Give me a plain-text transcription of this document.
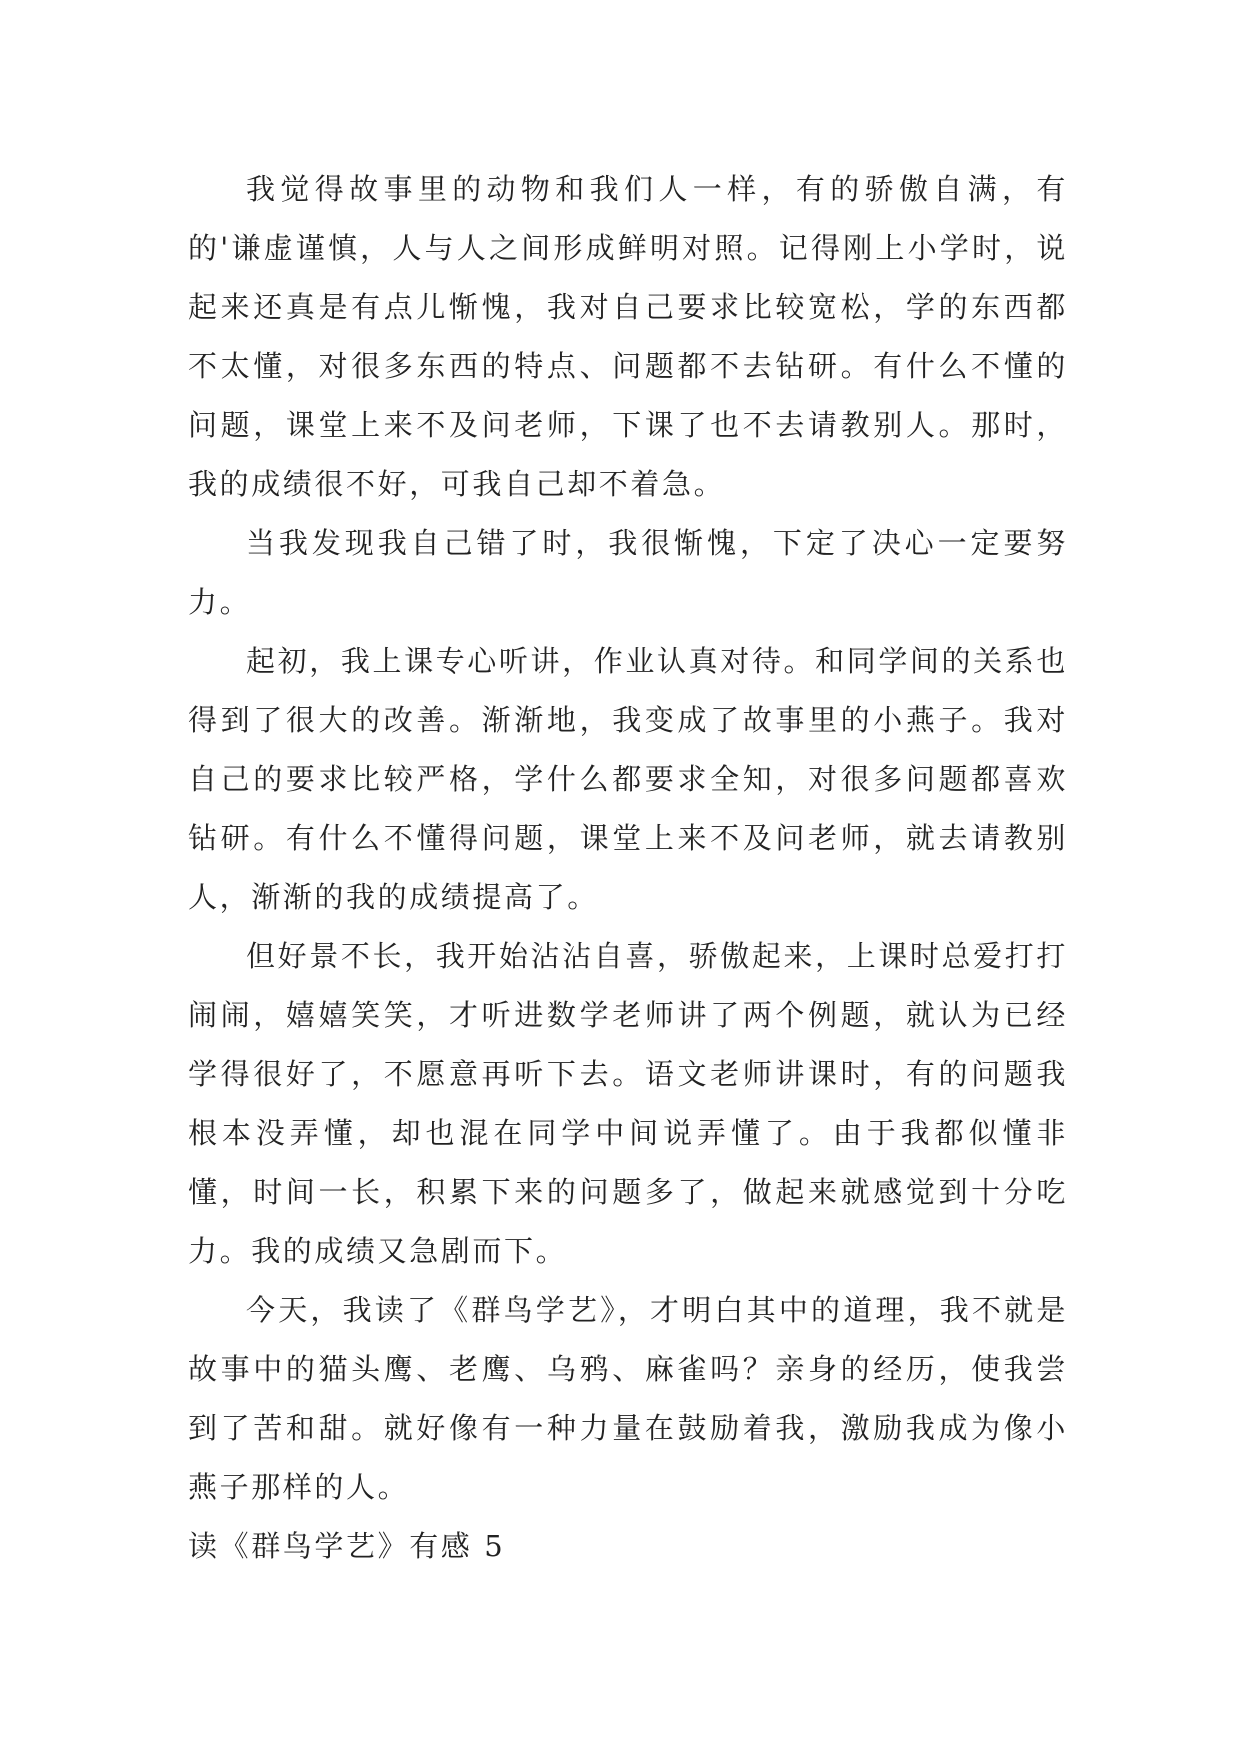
我觉得故事里的动物和我们人一样，有的骄傲自满，有的'谦虚谨慎，人与人之间形成鲜明对照。记得刚上小学时，说起来还真是有点儿惭愧，我对自己要求比较宽松，学的东西都不太懂，对很多东西的特点、问题都不去钻研。有什么不懂的问题，课堂上来不及问老师，下课了也不去请教别人。那时，我的成绩很不好，可我自己却不着急。

当我发现我自己错了时，我很惭愧，下定了决心一定要努力。

起初，我上课专心听讲，作业认真对待。和同学间的关系也得到了很大的改善。渐渐地，我变成了故事里的小燕子。我对自己的要求比较严格，学什么都要求全知，对很多问题都喜欢钻研。有什么不懂得问题，课堂上来不及问老师，就去请教别人，渐渐的我的成绩提高了。

但好景不长，我开始沾沾自喜，骄傲起来，上课时总爱打打闹闹，嬉嬉笑笑，才听进数学老师讲了两个例题，就认为已经学得很好了，不愿意再听下去。语文老师讲课时，有的问题我根本没弄懂，却也混在同学中间说弄懂了。由于我都似懂非懂，时间一长，积累下来的问题多了，做起来就感觉到十分吃力。我的成绩又急剧而下。

今天，我读了《群鸟学艺》，才明白其中的道理，我不就是故事中的猫头鹰、老鹰、乌鸦、麻雀吗？亲身的经历，使我尝到了苦和甜。就好像有一种力量在鼓励着我，激励我成为像小燕子那样的人。

读《群鸟学艺》有感 5
